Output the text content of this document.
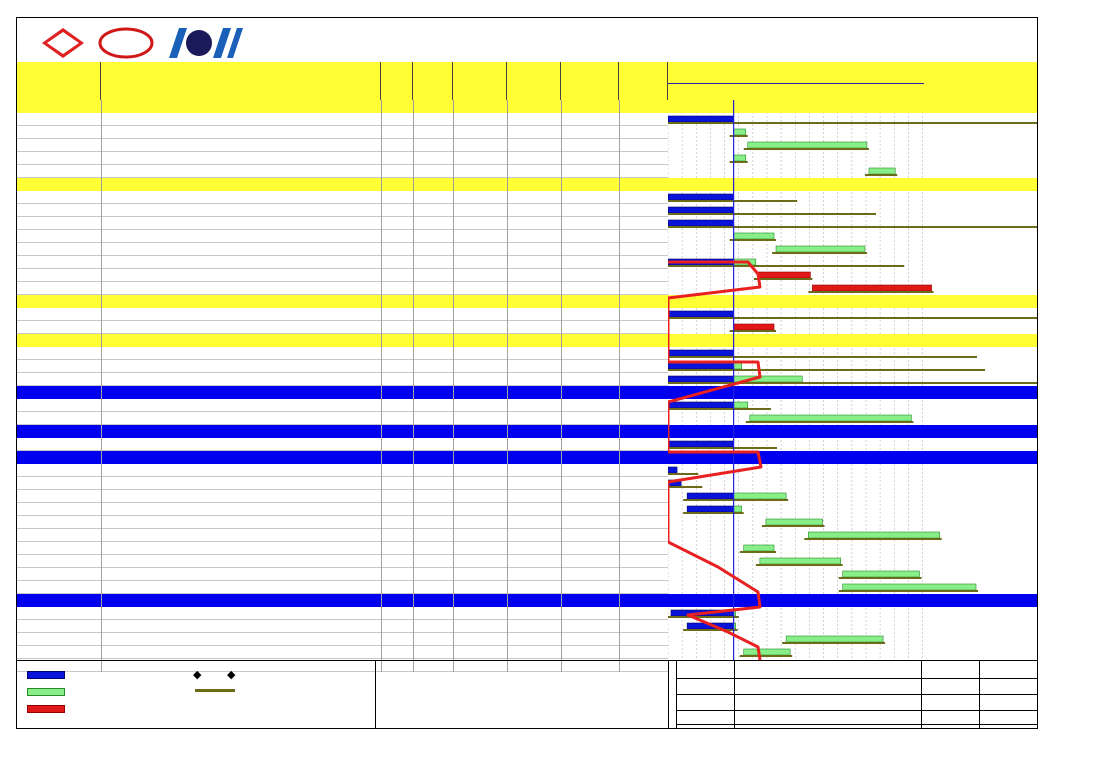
◆ ◆
